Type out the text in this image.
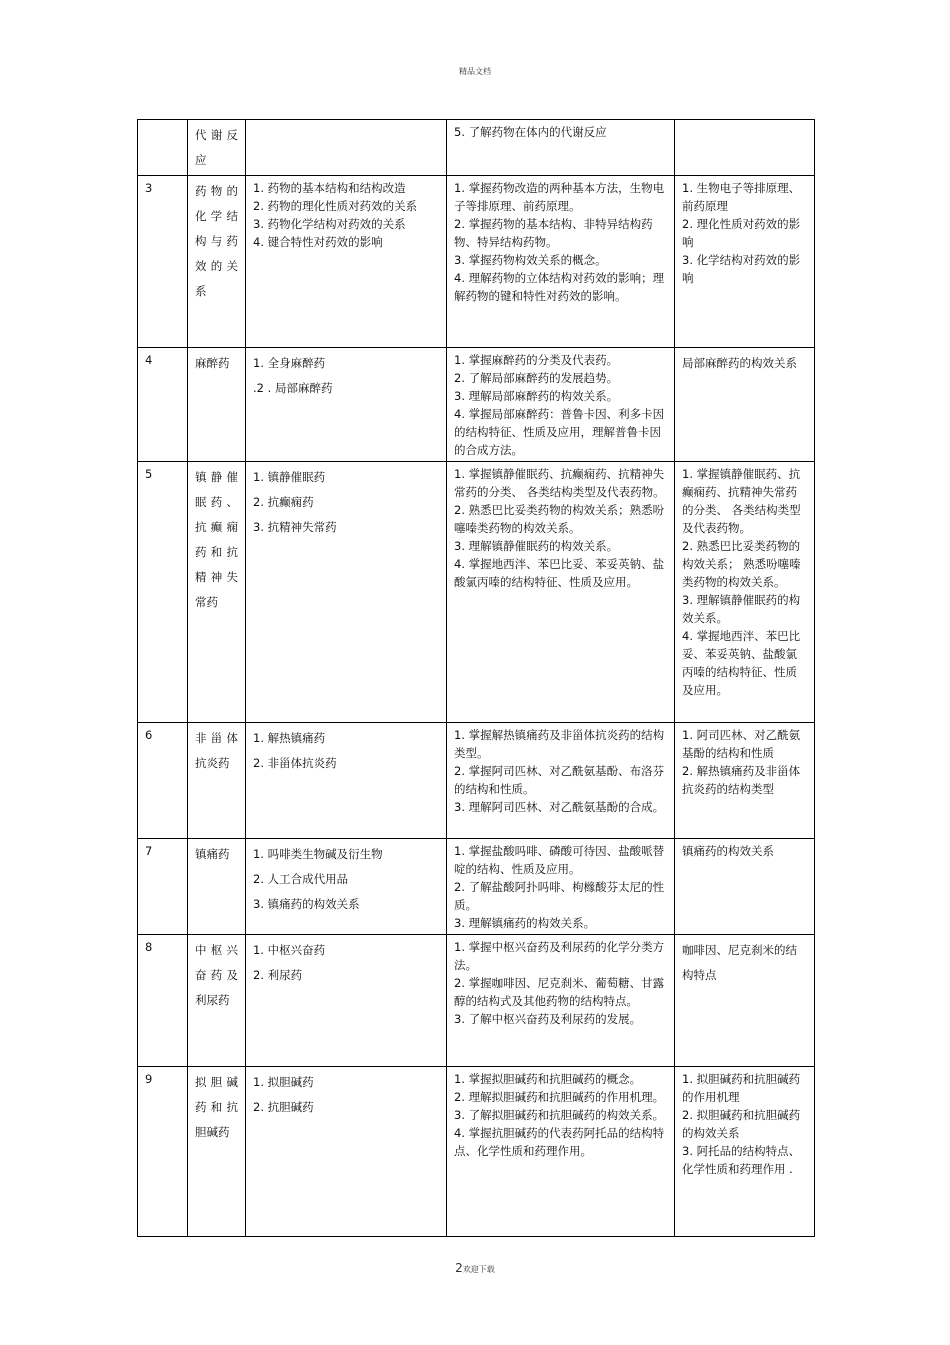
精品文档

	代谢反应		5. 了解药物在体内的代谢反应	

3	药物的化学结构与药效的关系	1. 药物的基本结构和结构改造
2. 药物的理化性质对药效的关系
3. 药物化学结构对药效的关系
4. 键合特性对药效的影响	1. 掌握药物改造的两种基本方法，生物电子等排原理、前药原理。
2. 掌握药物的基本结构、非特异结构药物、特异结构药物。
3. 掌握药物构效关系的概念。
4. 理解药物的立体结构对药效的影响；理解药物的键和特性对药效的影响。	1. 生物电子等排原理、前药原理
2. 理化性质对药效的影响
3. 化学结构对药效的影响

4	麻醉药	1. 全身麻醉药
.2 . 局部麻醉药	1. 掌握麻醉药的分类及代表药。
2. 了解局部麻醉药的发展趋势。
3. 理解局部麻醉药的构效关系。
4. 掌握局部麻醉药：普鲁卡因、利多卡因的结构特征、性质及应用，理解普鲁卡因的合成方法。	局部麻醉药的构效关系

5	镇静催眠药、抗癫痫药和抗精神失常药	1. 镇静催眠药
2. 抗癫痫药
3. 抗精神失常药	1. 掌握镇静催眠药、抗癫痫药、抗精神失常药的分类、 各类结构类型及代表药物。
2. 熟悉巴比妥类药物的构效关系；熟悉吩噻嗪类药物的构效关系。
3. 理解镇静催眠药的构效关系。
4. 掌握地西泮、苯巴比妥、苯妥英钠、盐酸氯丙嗪的结构特征、性质及应用。	1. 掌握镇静催眠药、抗癫痫药、抗精神失常药的分类、 各类结构类型及代表药物。
2. 熟悉巴比妥类药物的构效关系； 熟悉吩噻嗪类药物的构效关系。
3. 理解镇静催眠药的构效关系。
4. 掌握地西泮、苯巴比妥、苯妥英钠、盐酸氯丙嗪的结构特征、性质及应用。

6	非甾体抗炎药	1. 解热镇痛药
2. 非甾体抗炎药	1. 掌握解热镇痛药及非甾体抗炎药的结构类型。
2. 掌握阿司匹林、对乙酰氨基酚、布洛芬的结构和性质。
3. 理解阿司匹林、对乙酰氨基酚的合成。	1. 阿司匹林、对乙酰氨基酚的结构和性质
2. 解热镇痛药及非甾体抗炎药的结构类型

7	镇痛药	1. 吗啡类生物碱及衍生物
2. 人工合成代用品
3. 镇痛药的构效关系	1. 掌握盐酸吗啡、磷酸可待因、盐酸哌替啶的结构、性质及应用。
2. 了解盐酸阿扑吗啡、枸橼酸芬太尼的性质。
3. 理解镇痛药的构效关系。	镇痛药的构效关系

8	中枢兴奋药及利尿药	1. 中枢兴奋药
2. 利尿药	1. 掌握中枢兴奋药及利尿药的化学分类方法。
2. 掌握咖啡因、尼克刹米、葡萄糖、甘露醇的结构式及其他药物的结构特点。
3. 了解中枢兴奋药及利尿药的发展。	咖啡因、尼克刹米的结构特点

9	拟胆碱药和抗胆碱药	1. 拟胆碱药
2. 抗胆碱药	1. 掌握拟胆碱药和抗胆碱药的概念。
2. 理解拟胆碱药和抗胆碱药的作用机理。
3. 了解拟胆碱药和抗胆碱药的构效关系。
4. 掌握抗胆碱药的代表药阿托品的结构特点、化学性质和药理作用。	1. 拟胆碱药和抗胆碱药的作用机理
2. 拟胆碱药和抗胆碱药的构效关系
3. 阿托品的结构特点、化学性质和药理作用 .
2欢迎下载
